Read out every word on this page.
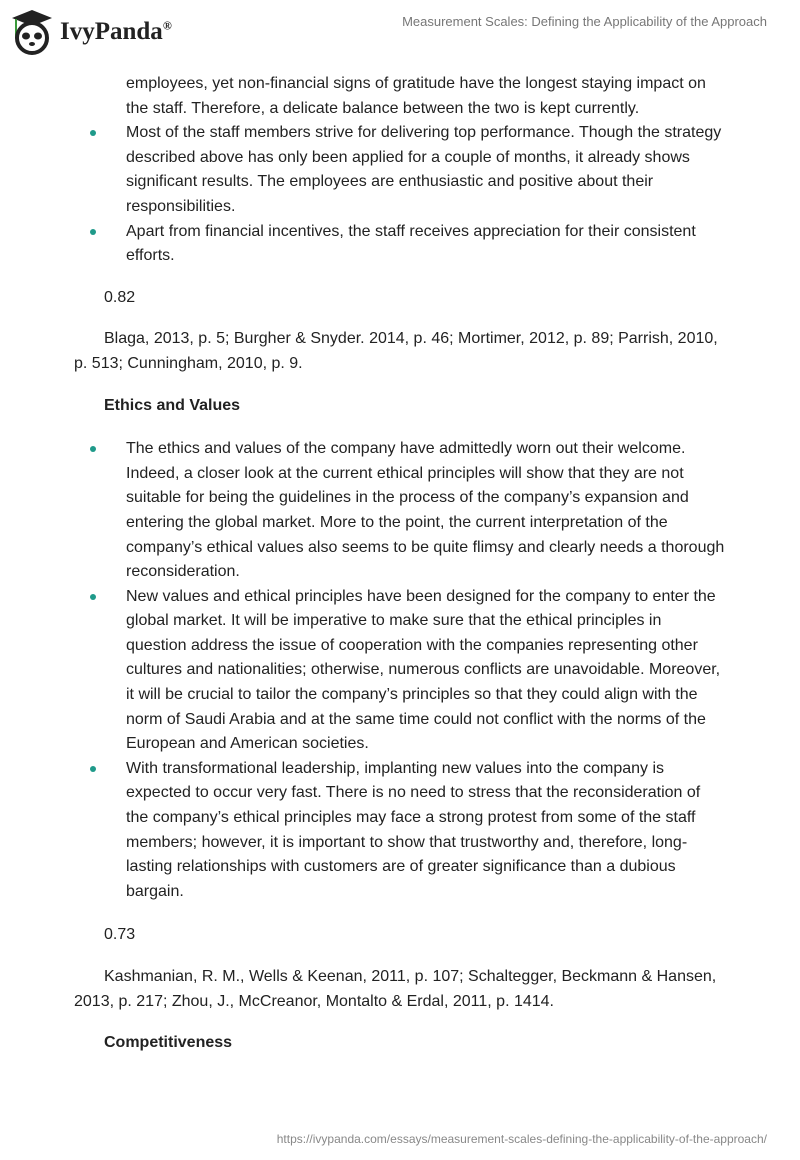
IvyPanda®	Measurement Scales: Defining the Applicability of the Approach
employees, yet non-financial signs of gratitude have the longest staying impact on the staff. Therefore, a delicate balance between the two is kept currently.
Most of the staff members strive for delivering top performance. Though the strategy described above has only been applied for a couple of months, it already shows significant results. The employees are enthusiastic and positive about their responsibilities.
Apart from financial incentives, the staff receives appreciation for their consistent efforts.
0.82
Blaga, 2013, p. 5; Burgher & Snyder. 2014, p. 46; Mortimer, 2012, p. 89; Parrish, 2010, p. 513; Cunningham, 2010, p. 9.
Ethics and Values
The ethics and values of the company have admittedly worn out their welcome. Indeed, a closer look at the current ethical principles will show that they are not suitable for being the guidelines in the process of the company’s expansion and entering the global market. More to the point, the current interpretation of the company’s ethical values also seems to be quite flimsy and clearly needs a thorough reconsideration.
New values and ethical principles have been designed for the company to enter the global market. It will be imperative to make sure that the ethical principles in question address the issue of cooperation with the companies representing other cultures and nationalities; otherwise, numerous conflicts are unavoidable. Moreover, it will be crucial to tailor the company’s principles so that they could align with the norm of Saudi Arabia and at the same time could not conflict with the norms of the European and American societies.
With transformational leadership, implanting new values into the company is expected to occur very fast. There is no need to stress that the reconsideration of the company’s ethical principles may face a strong protest from some of the staff members; however, it is important to show that trustworthy and, therefore, long-lasting relationships with customers are of greater significance than a dubious bargain.
0.73
Kashmanian, R. M., Wells & Keenan, 2011, p. 107; Schaltegger, Beckmann & Hansen, 2013, p. 217; Zhou, J., McCreanor, Montalto & Erdal, 2011, p. 1414.
Competitiveness
https://ivypanda.com/essays/measurement-scales-defining-the-applicability-of-the-approach/
